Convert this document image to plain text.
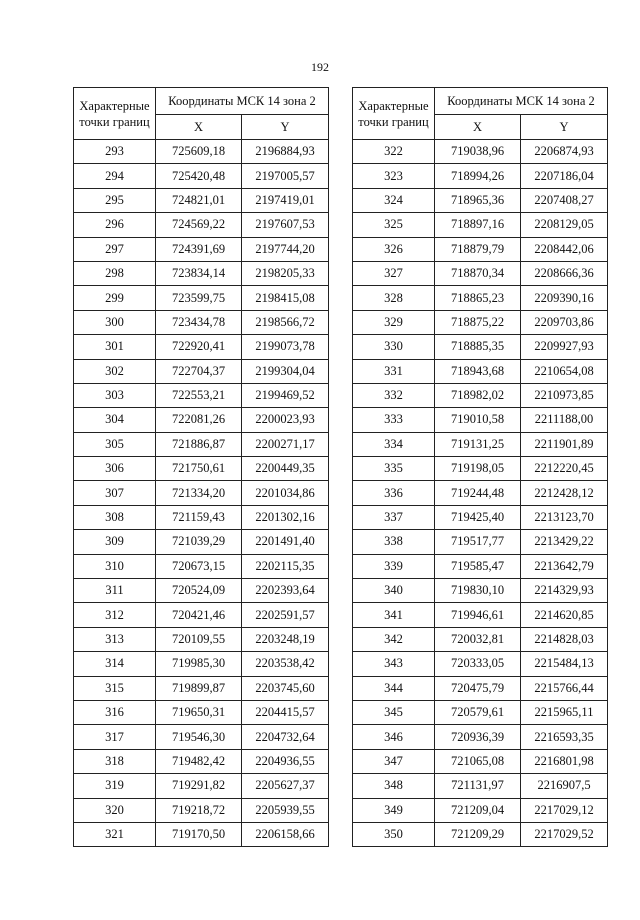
192
Характерные
точки границ	Координаты МСК 14 зона 2	
	X	Y
293	725609,18	2196884,93
294	725420,48	2197005,57
295	724821,01	2197419,01
296	724569,22	2197607,53
297	724391,69	2197744,20
298	723834,14	2198205,33
299	723599,75	2198415,08
300	723434,78	2198566,72
301	722920,41	2199073,78
302	722704,37	2199304,04
303	722553,21	2199469,52
304	722081,26	2200023,93
305	721886,87	2200271,17
306	721750,61	2200449,35
307	721334,20	2201034,86
308	721159,43	2201302,16
309	721039,29	2201491,40
310	720673,15	2202115,35
311	720524,09	2202393,64
312	720421,46	2202591,57
313	720109,55	2203248,19
314	719985,30	2203538,42
315	719899,87	2203745,60
316	719650,31	2204415,57
317	719546,30	2204732,64
318	719482,42	2204936,55
319	719291,82	2205627,37
320	719218,72	2205939,55
321	719170,50	2206158,66
Характерные
точки границ	Координаты МСК 14 зона 2	
	X	Y
322	719038,96	2206874,93
323	718994,26	2207186,04
324	718965,36	2207408,27
325	718897,16	2208129,05
326	718879,79	2208442,06
327	718870,34	2208666,36
328	718865,23	2209390,16
329	718875,22	2209703,86
330	718885,35	2209927,93
331	718943,68	2210654,08
332	718982,02	2210973,85
333	719010,58	2211188,00
334	719131,25	2211901,89
335	719198,05	2212220,45
336	719244,48	2212428,12
337	719425,40	2213123,70
338	719517,77	2213429,22
339	719585,47	2213642,79
340	719830,10	2214329,93
341	719946,61	2214620,85
342	720032,81	2214828,03
343	720333,05	2215484,13
344	720475,79	2215766,44
345	720579,61	2215965,11
346	720936,39	2216593,35
347	721065,08	2216801,98
348	721131,97	2216907,5
349	721209,04	2217029,12
350	721209,29	2217029,52
